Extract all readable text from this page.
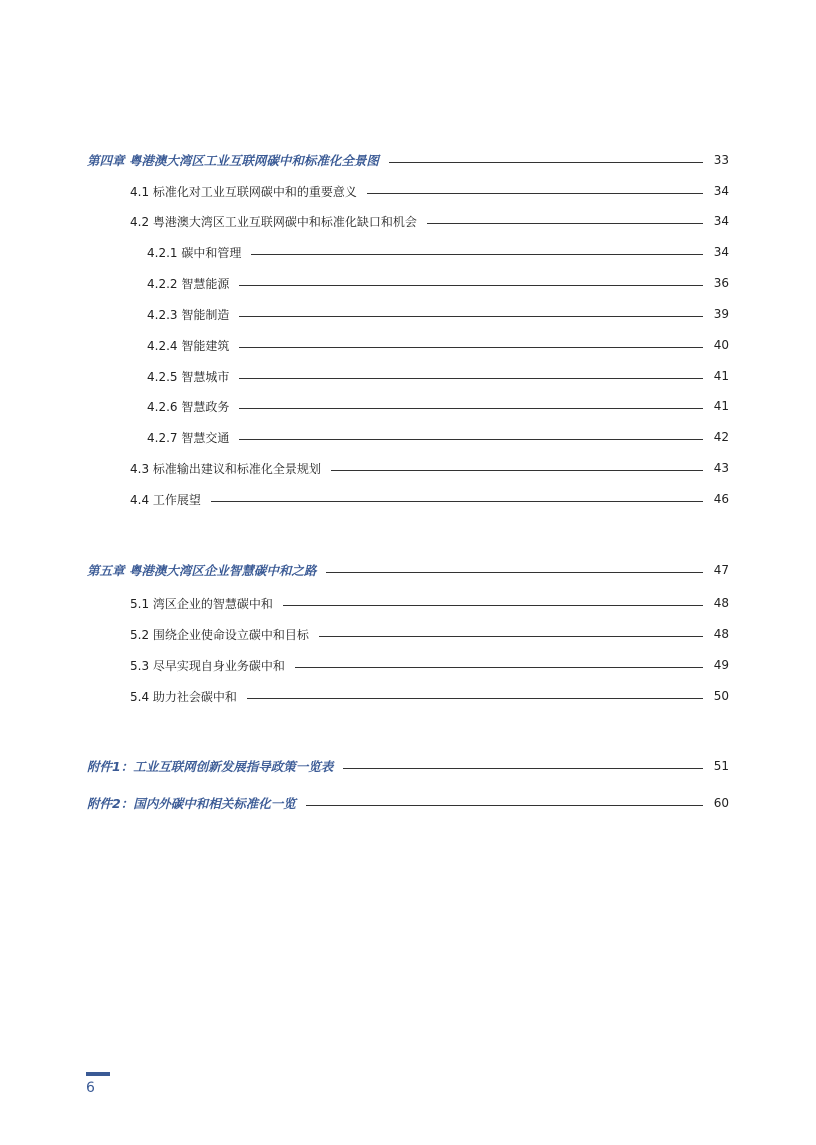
第四章 粤港澳大湾区工业互联网碳中和标准化全景图	33
4.1 标准化对工业互联网碳中和的重要意义	34
4.2 粤港澳大湾区工业互联网碳中和标准化缺口和机会	34
4.2.1 碳中和管理	34
4.2.2 智慧能源	36
4.2.3 智能制造	39
4.2.4 智能建筑	40
4.2.5 智慧城市	41
4.2.6 智慧政务	41
4.2.7 智慧交通	42
4.3 标准输出建议和标准化全景规划	43
4.4 工作展望	46
第五章 粤港澳大湾区企业智慧碳中和之路	47
5.1 湾区企业的智慧碳中和	48
5.2 围绕企业使命设立碳中和目标	48
5.3 尽早实现自身业务碳中和	49
5.4 助力社会碳中和	50
附件1：工业互联网创新发展指导政策一览表	51
附件2：国内外碳中和相关标准化一览	60
6
